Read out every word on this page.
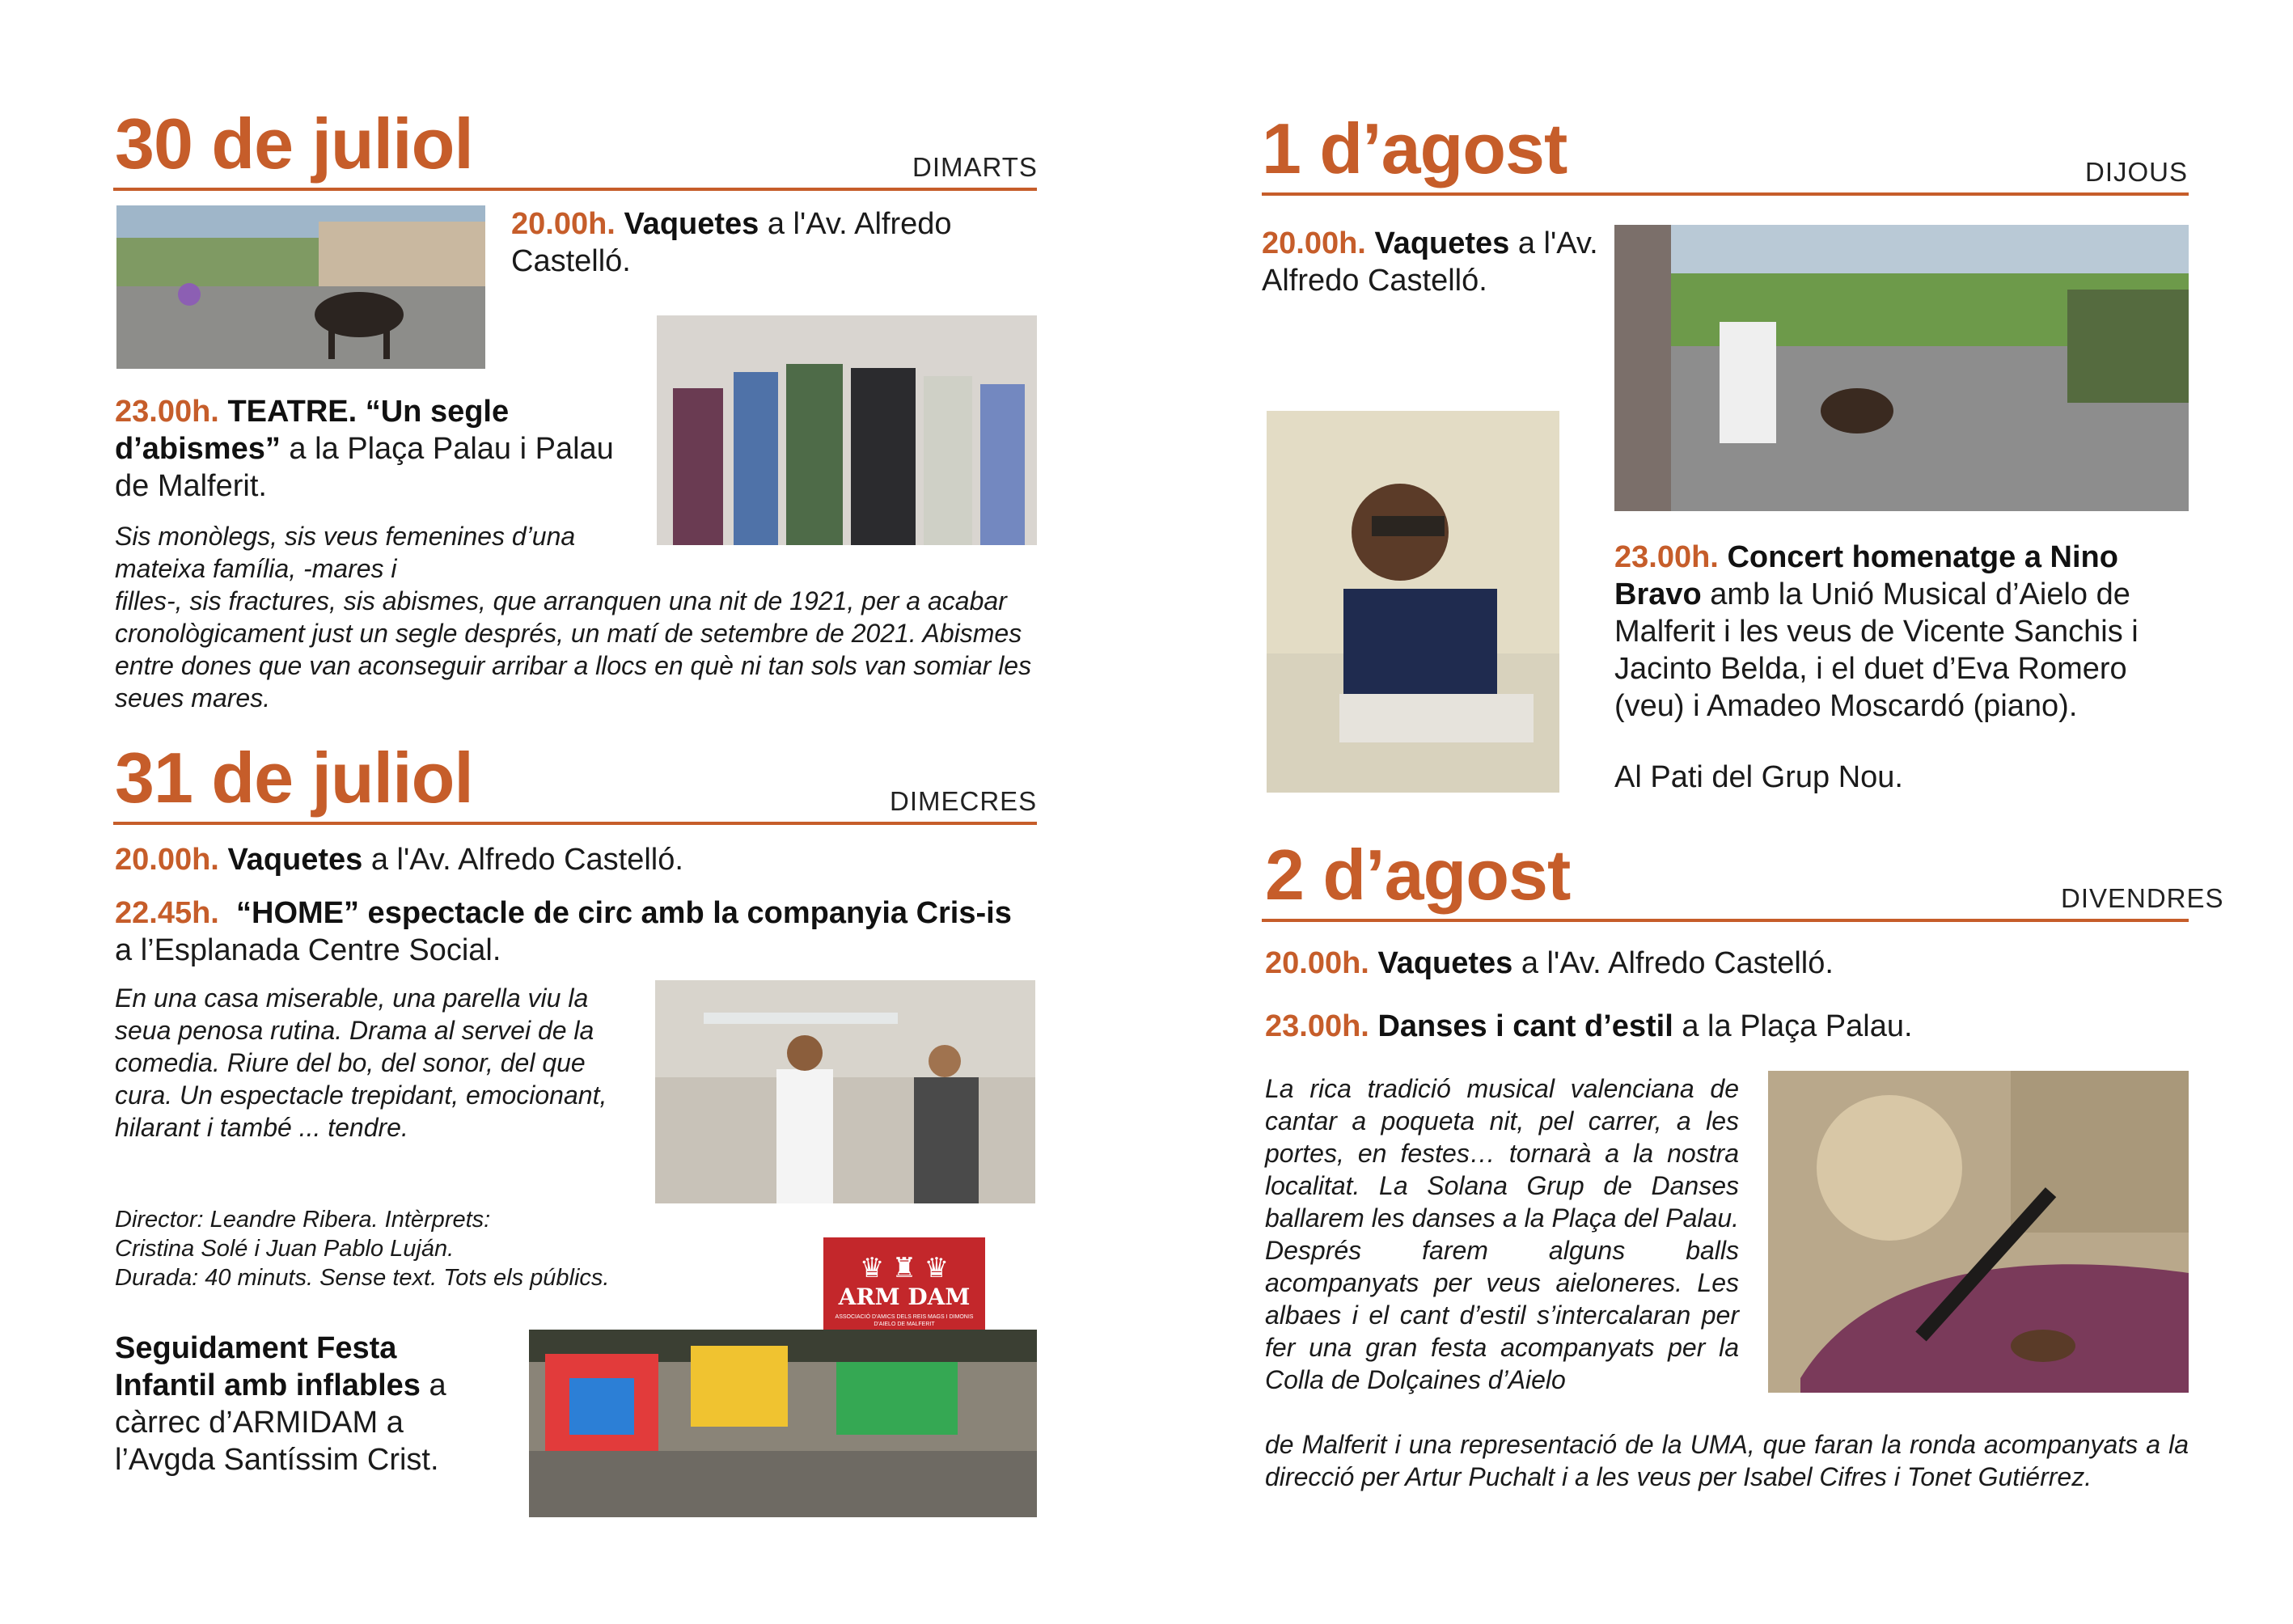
30 de juliol	DIMARTS
20.00h. Vaquetes a l'Av. Alfredo Castelló.
23.00h. TEATRE. “Un segle d’abismes” a la Plaça Palau i Palau de Malferit.
Sis monòlegs, sis veus femenines d’una mateixa família, -mares i
filles-, sis fractures, sis abismes, que arranquen una nit de 1921, per a acabar cronològicament just un segle després, un matí de setembre de 2021. Abismes entre dones que van aconseguir arribar a llocs en què ni tan sols van somiar les seues mares.
31 de juliol	DIMECRES
20.00h. Vaquetes a l'Av. Alfredo Castelló.
22.45h. “HOME” espectacle de circ amb la companyia Cris-is a l’Esplanada Centre Social.
En una casa miserable, una parella viu la seua penosa rutina. Drama al servei de la comedia. Riure del bo, del sonor, del que cura. Un espectacle trepidant, emocionant, hilarant i també ... tendre.
Director: Leandre Ribera. Intèrprets:
Cristina Solé i Juan Pablo Luján.
Durada: 40 minuts. Sense text. Tots els públics.	♛ ♜ ♛
ARM DAM
ASSOCIACIÓ D'AMICS DELS REIS MAGS I DIMONIS D'AIELO DE MALFERIT
Seguidament Festa Infantil amb inflables a càrrec d’ARMIDAM a l’Avgda Santíssim Crist.
1 d’agost	DIJOUS
20.00h. Vaquetes a l'Av. Alfredo Castelló.
23.00h. Concert homenatge a Nino Bravo amb la Unió Musical d’Aielo de Malferit i les veus de Vicente Sanchis i Jacinto Belda, i el duet d’Eva Romero (veu) i Amadeo Moscardó (piano).
Al Pati del Grup Nou.
2 d’agost	DIVENDRES
20.00h. Vaquetes a l'Av. Alfredo Castelló.
23.00h. Danses i cant d’estil a la Plaça Palau.
La rica tradició musical valenciana de cantar a poqueta nit, pel carrer, a les portes, en festes… tornarà a la nostra localitat. La Solana Grup de Danses ballarem les danses a la Plaça del Palau. Després farem alguns balls acompanyats per veus aieloneres. Les albaes i el cant d’estil s’intercalaran per fer una gran festa acompanyats per la Colla de Dolçaines d’Aielo
de Malferit i una representació de la UMA, que faran la ronda acompanyats a la direcció per Artur Puchalt i a les veus per Isabel Cifres i Tonet Gutiérrez.
